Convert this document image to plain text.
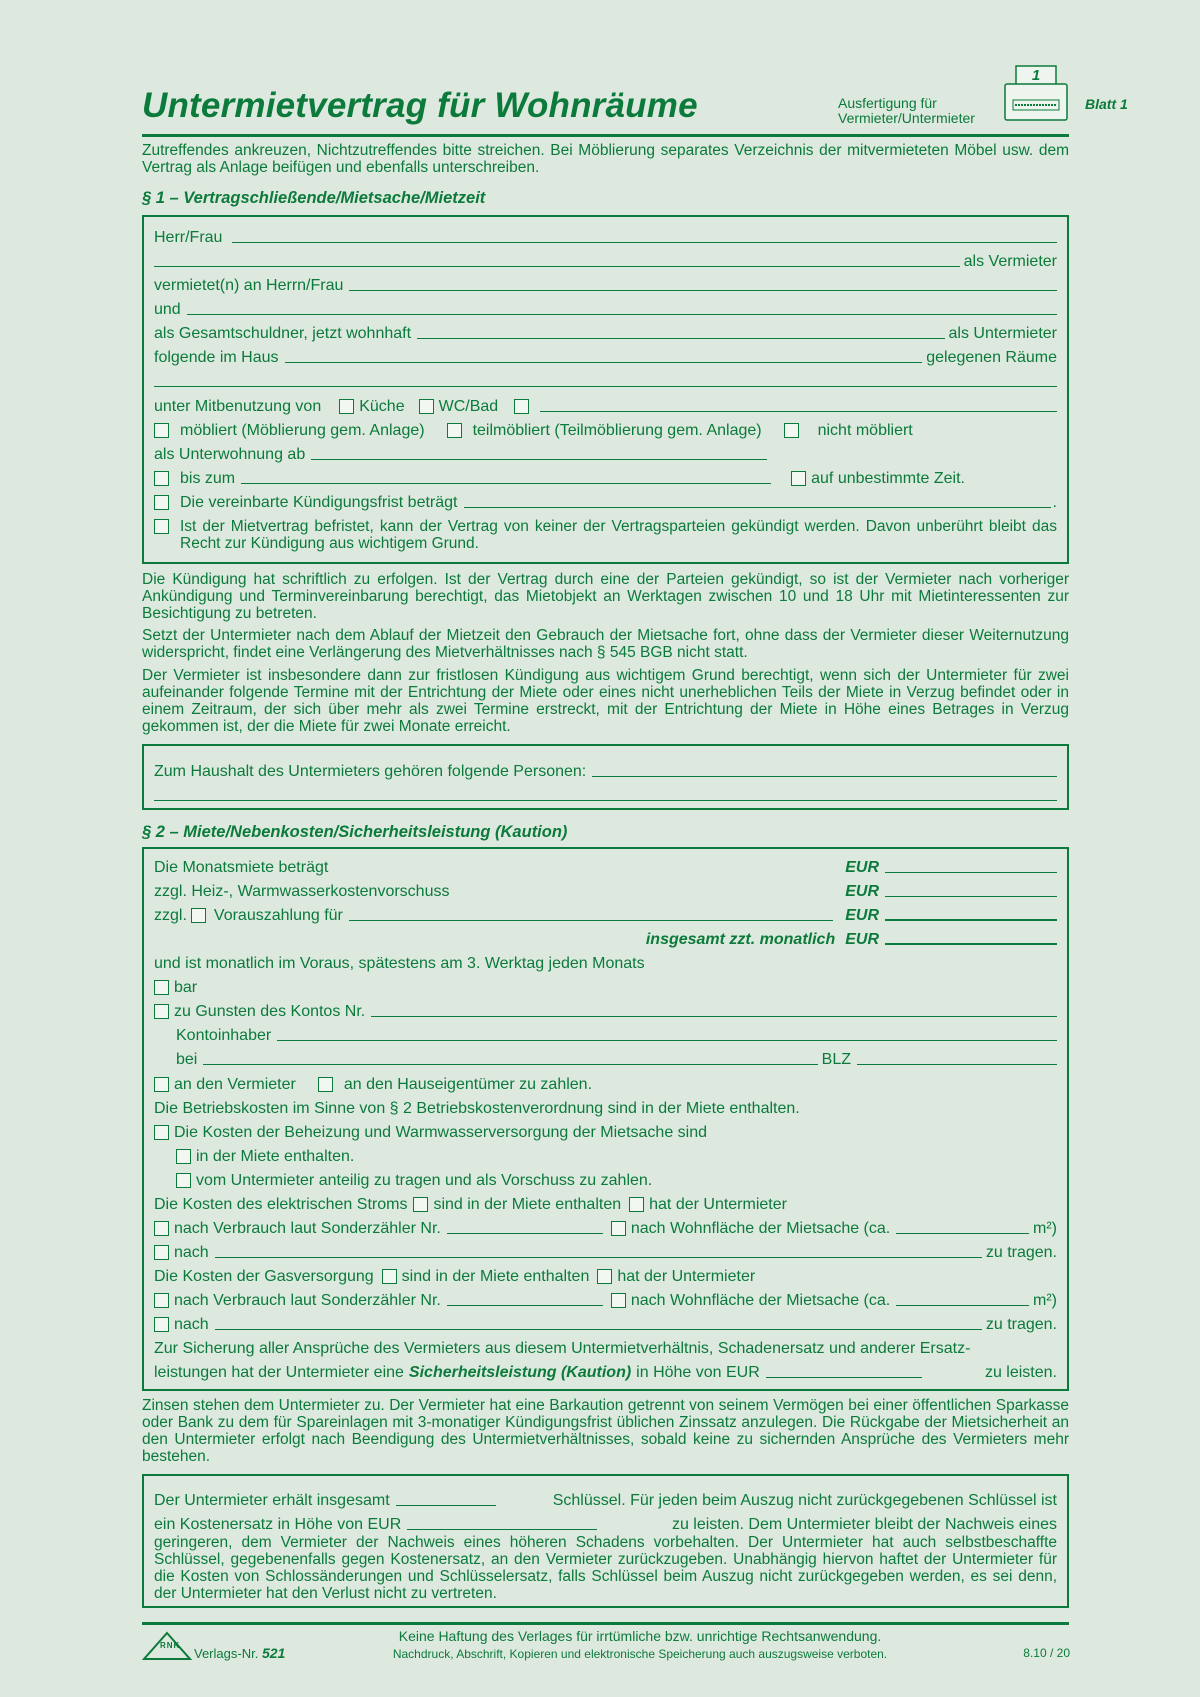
Untermietvertrag für Wohnräume	Ausfertigung für
Vermieter/Untermieter
1
Blatt 1
Zutreffendes ankreuzen, Nichtzutreffendes bitte streichen. Bei Möblierung separates Verzeichnis der mitvermieteten Möbel usw. dem Vertrag als Anlage beifügen und ebenfalls unterschreiben.
§ 1 – Vertragschließende/Mietsache/Mietzeit
Herr/Frau
als Vermieter
vermietet(n) an Herrn/Frau
und
als Gesamtschuldner, jetzt wohnhaft	als Untermieter
folgende im Haus	gelegenen Räume
unter Mitbenutzung von Küche WC/Bad
möbliert (Möblierung gem. Anlage)	teilmöbliert (Teilmöblierung gem. Anlage)	nicht möbliert
als Unterwohnung ab
bis zum	auf unbestimmte Zeit.
Die vereinbarte Kündigungsfrist beträgt	.
Ist der Mietvertrag befristet, kann der Vertrag von keiner der Vertragsparteien gekündigt werden. Davon unberührt bleibt das Recht zur Kündigung aus wichtigem Grund.
Die Kündigung hat schriftlich zu erfolgen. Ist der Vertrag durch eine der Parteien gekündigt, so ist der Vermieter nach vorheriger Ankündigung und Terminvereinbarung berechtigt, das Mietobjekt an Werktagen zwischen 10 und 18 Uhr mit Mietinteressenten zur Besichtigung zu betreten.
Setzt der Untermieter nach dem Ablauf der Mietzeit den Gebrauch der Mietsache fort, ohne dass der Vermieter dieser Weiternutzung widerspricht, findet eine Verlängerung des Mietverhältnisses nach § 545 BGB nicht statt.
Der Vermieter ist insbesondere dann zur fristlosen Kündigung aus wichtigem Grund berechtigt, wenn sich der Untermieter für zwei aufeinander folgende Termine mit der Entrichtung der Miete oder eines nicht unerheblichen Teils der Miete in Verzug befindet oder in einem Zeitraum, der sich über mehr als zwei Termine erstreckt, mit der Entrichtung der Miete in Höhe eines Betrages in Verzug gekommen ist, der die Miete für zwei Monate erreicht.
Zum Haushalt des Untermieters gehören folgende Personen:
§ 2 – Miete/Nebenkosten/Sicherheitsleistung (Kaution)
Die Monatsmiete beträgt	EUR
zzgl. Heiz-, Warmwasserkostenvorschuss	EUR
zzgl. Vorauszahlung für	EUR
insgesamt zzt. monatlich EUR
und ist monatlich im Voraus, spätestens am 3. Werktag jeden Monats
bar
zu Gunsten des Kontos Nr.
Kontoinhaber
bei	BLZ
an den Vermieter	an den Hauseigentümer zu zahlen.
Die Betriebskosten im Sinne von § 2 Betriebskostenverordnung sind in der Miete enthalten.
Die Kosten der Beheizung und Warmwasserversorgung der Mietsache sind
in der Miete enthalten.
vom Untermieter anteilig zu tragen und als Vorschuss zu zahlen.
Die Kosten des elektrischen Stroms sind in der Miete enthalten hat der Untermieter
nach Verbrauch laut Sonderzähler Nr.	nach Wohnfläche der Mietsache (ca.	m²)
nach	zu tragen.
Die Kosten der Gasversorgung sind in der Miete enthalten hat der Untermieter
nach Verbrauch laut Sonderzähler Nr.	nach Wohnfläche der Mietsache (ca.	m²)
nach	zu tragen.
Zur Sicherung aller Ansprüche des Vermieters aus diesem Untermietverhältnis, Schadenersatz und anderer Ersatz-
leistungen hat der Untermieter eine Sicherheitsleistung (Kaution) in Höhe von EUR	zu leisten.
Zinsen stehen dem Untermieter zu. Der Vermieter hat eine Barkaution getrennt von seinem Vermögen bei einer öffentlichen Sparkasse oder Bank zu dem für Spareinlagen mit 3-monatiger Kündigungsfrist üblichen Zinssatz anzulegen. Die Rückgabe der Mietsicherheit an den Untermieter erfolgt nach Beendigung des Untermietverhältnisses, sobald keine zu sichernden Ansprüche des Vermieters mehr bestehen.
Der Untermieter erhält insgesamt	Schlüssel. Für jeden beim Auszug nicht zurückgegebenen Schlüssel ist
ein Kostenersatz in Höhe von EUR	zu leisten. Dem Untermieter bleibt der Nachweis eines
geringeren, dem Vermieter der Nachweis eines höheren Schadens vorbehalten. Der Untermieter hat auch selbstbeschaffte Schlüssel, gegebenenfalls gegen Kostenersatz, an den Vermieter zurückzugeben. Unabhängig hiervon haftet der Untermieter für die Kosten von Schlossänderungen und Schlüsselersatz, falls Schlüssel beim Auszug nicht zurückgegeben werden, es sei denn, der Untermieter hat den Verlust nicht zu vertreten.
RNK
Verlags-Nr. 521
Keine Haftung des Verlages für irrtümliche bzw. unrichtige Rechtsanwendung.
Nachdruck, Abschrift, Kopieren und elektronische Speicherung auch auszugsweise verboten.	8.10 / 20
